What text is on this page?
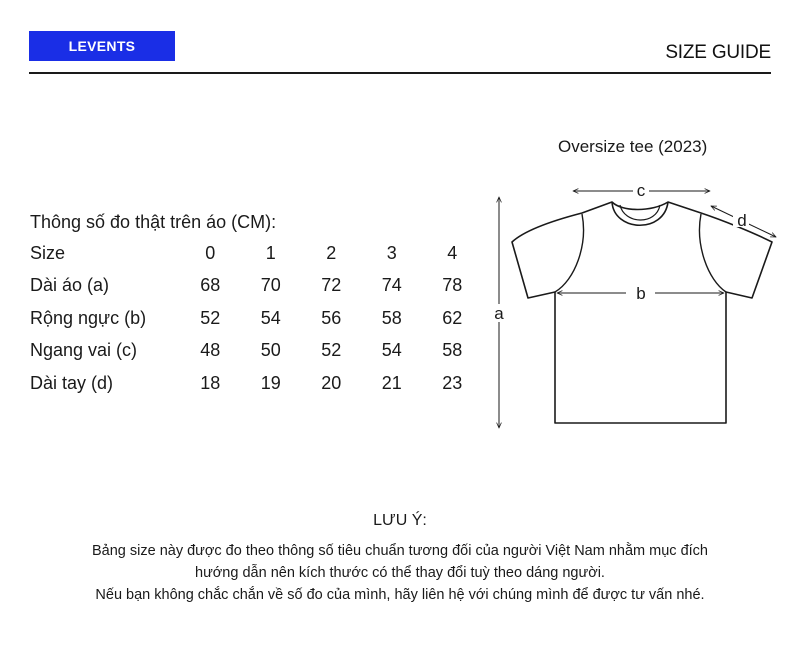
LEVENTS	SIZE GUIDE
Thông số đo thật trên áo (CM):
Size	0	1	2	3	4
Dài áo (a)	68	70	72	74	78
Rộng ngực (b)	52	54	56	58	62
Ngang vai (c)	48	50	52	54	58
Dài tay (d)	18	19	20	21	23
Oversize tee (2023)
c
d
a
b
LƯU Ý:
Bảng size này được đo theo thông số tiêu chuẩn tương đối của người Việt Nam nhằm mục đích
hướng dẫn nên kích thước có thể thay đổi tuỳ theo dáng người.
Nếu bạn không chắc chắn về số đo của mình, hãy liên hệ với chúng mình để được tư vấn nhé.
